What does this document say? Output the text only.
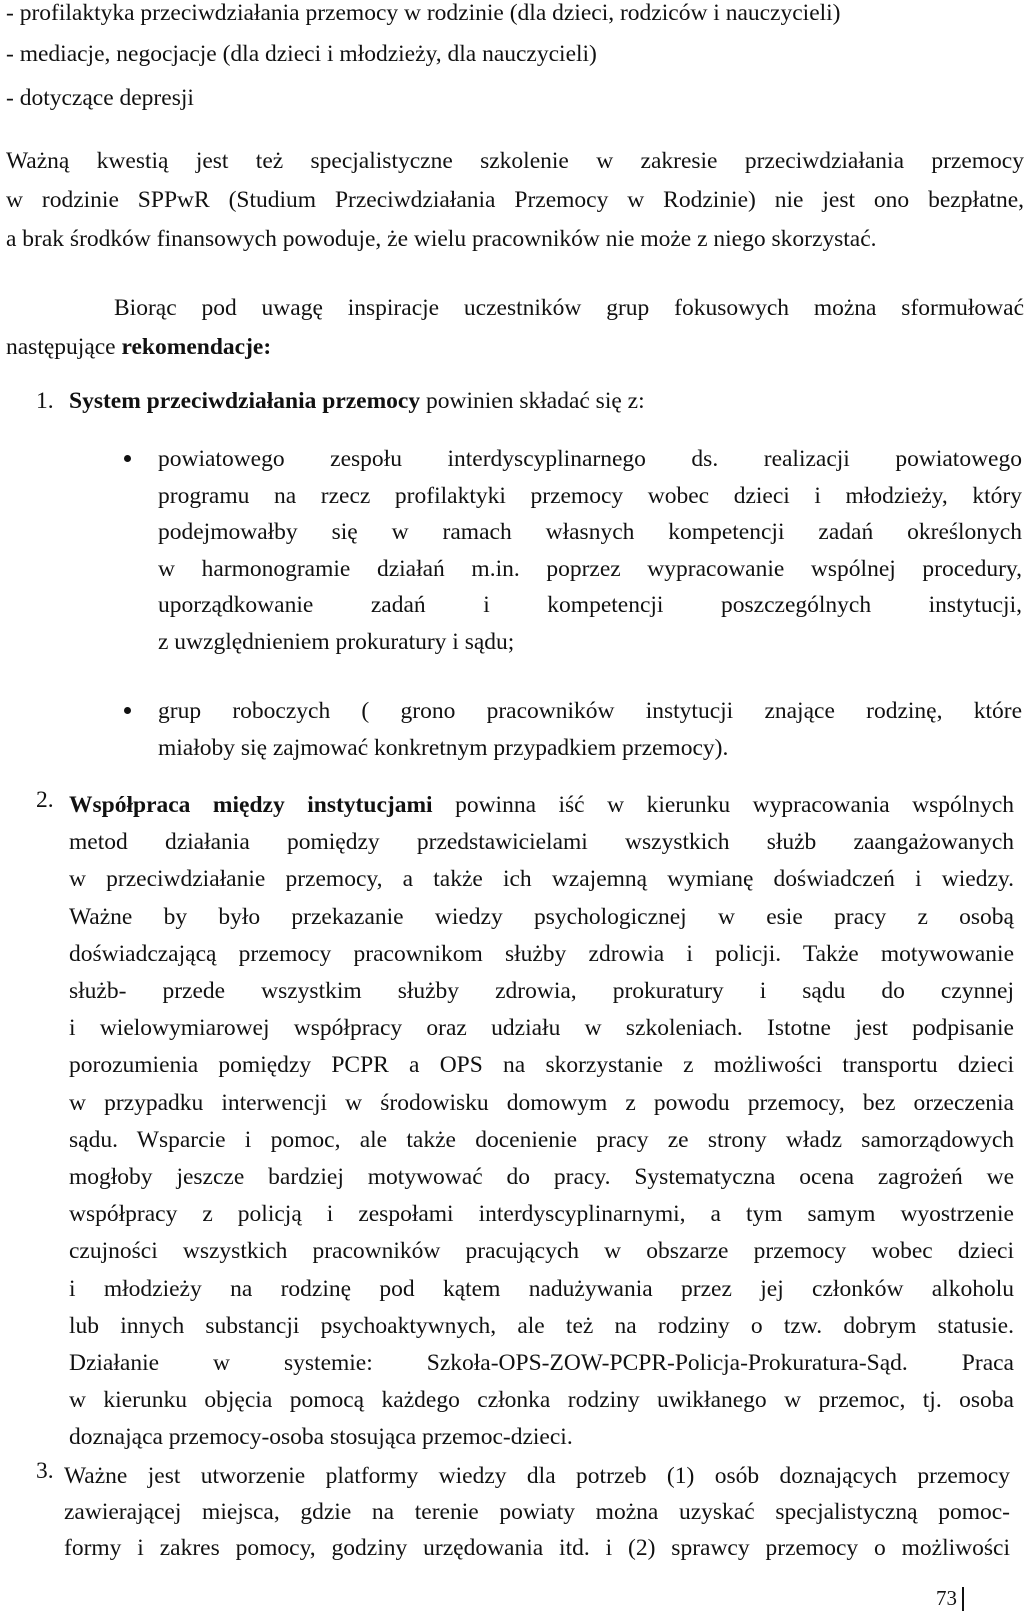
- profilaktyka przeciwdziałania przemocy w rodzinie (dla dzieci, rodziców i nauczycieli)
- mediacje, negocjacje (dla dzieci i młodzieży, dla nauczycieli)
- dotyczące depresji
Ważną kwestią jest też specjalistyczne szkolenie w zakresie przeciwdziałania przemocy
w rodzinie SPPwR (Studium Przeciwdziałania Przemocy w Rodzinie) nie jest ono bezpłatne,
a brak środków finansowych powoduje, że wielu pracowników nie może z niego skorzystać.
Biorąc pod uwagę inspiracje uczestników grup fokusowych można sformułować
następujące rekomendacje:
1. System przeciwdziałania przemocy powinien składać się z:
powiatowego zespołu interdyscyplinarnego ds. realizacji powiatowego
programu na rzecz profilaktyki przemocy wobec dzieci i młodzieży, który
podejmowałby się w ramach własnych kompetencji zadań określonych
w harmonogramie działań m.in. poprzez wypracowanie wspólnej procedury,
uporządkowanie zadań i kompetencji poszczególnych instytucji,
z uwzględnieniem prokuratury i sądu;
grup roboczych ( grono pracowników instytucji znające rodzinę, które
miałoby się zajmować konkretnym przypadkiem przemocy).
2. Współpraca między instytucjami powinna iść w kierunku wypracowania wspólnych
metod działania pomiędzy przedstawicielami wszystkich służb zaangażowanych
w przeciwdziałanie przemocy, a także ich wzajemną wymianę doświadczeń i wiedzy.
Ważne by było przekazanie wiedzy psychologicznej w esie pracy z osobą
doświadczającą przemocy pracownikom służby zdrowia i policji. Także motywowanie
służb- przede wszystkim służby zdrowia, prokuratury i sądu do czynnej
i wielowymiarowej współpracy oraz udziału w szkoleniach. Istotne jest podpisanie
porozumienia pomiędzy PCPR a OPS na skorzystanie z możliwości transportu dzieci
w przypadku interwencji w środowisku domowym z powodu przemocy, bez orzeczenia
sądu. Wsparcie i pomoc, ale także docenienie pracy ze strony władz samorządowych
mogłoby jeszcze bardziej motywować do pracy. Systematyczna ocena zagrożeń we
współpracy z policją i zespołami interdyscyplinarnymi, a tym samym wyostrzenie
czujności wszystkich pracowników pracujących w obszarze przemocy wobec dzieci
i młodzieży na rodzinę pod kątem nadużywania przez jej członków alkoholu
lub innych substancji psychoaktywnych, ale też na rodziny o tzw. dobrym statusie.
Działanie w systemie: Szkoła-OPS-ZOW-PCPR-Policja-Prokuratura-Sąd. Praca
w kierunku objęcia pomocą każdego członka rodziny uwikłanego w przemoc, tj. osoba
doznająca przemocy-osoba stosująca przemoc-dzieci.
3. Ważne jest utworzenie platformy wiedzy dla potrzeb (1) osób doznających przemocy
zawierającej miejsca, gdzie na terenie powiaty można uzyskać specjalistyczną pomoc-
formy i zakres pomocy, godziny urzędowania itd. i (2) sprawcy przemocy o możliwości
73
